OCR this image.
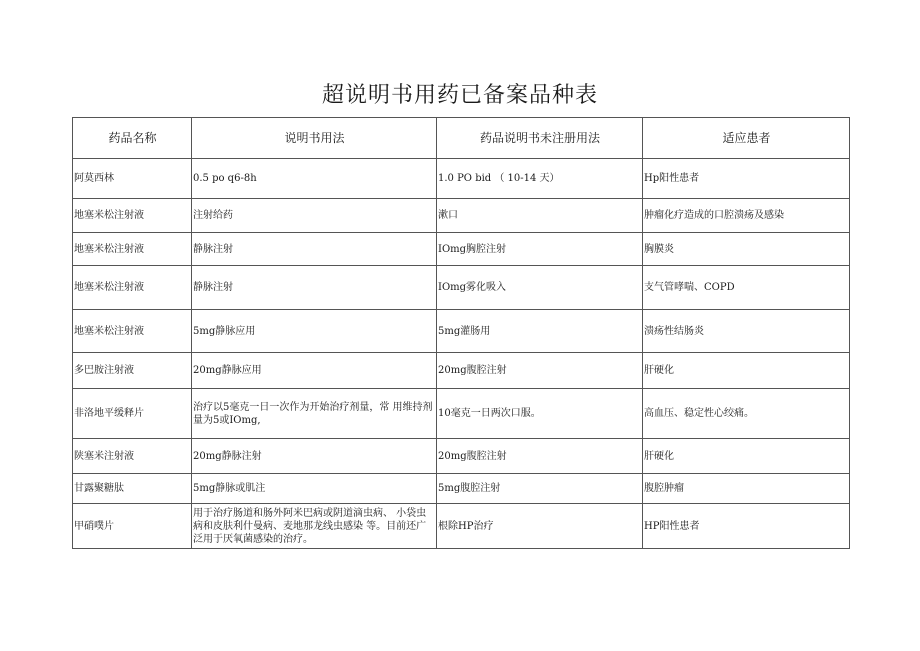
超说明书用药已备案品种表
药品名称	说明书用法	药品说明书未注册用法	适应患者
阿莫西林	0.5 po q6-8h	1.0 PO bid （ 10-14 天）	Hp阳性患者
地塞米松注射液	注射给药	漱口	肿瘤化疗造成的口腔溃疡及感染
地塞米松注射液	静脉注射	IOmg胸腔注射	胸膜炎
地塞米松注射液	静脉注射	IOmg雾化吸入	支气管哮喘、COPD
地塞米松注射液	5mg静脉应用	5mg灌肠用	溃疡性结肠炎
多巴胺注射液	20mg静脉应用	20mg腹腔注射	肝硬化
非洛地平缓释片	治疗以5毫克一日一次作为开始治疗剂量，常 用维持剂量为5或IOmg,	10毫克一日两次口服。	高血压、稳定性心绞痛。
陕塞米注射液	20mg静脉注射	20mg腹腔注射	肝硬化
甘露聚糖肽	5mg静脉或肌注	5mg腹腔注射	腹腔肿瘤
甲硝噗片	用于治疗肠道和肠外阿米巴病或阴道滴虫病、 小袋虫病和皮肤利什曼病、麦地那龙线虫感染 等。目前还广泛用于厌氧菌感染的治疗。	根除HP治疗	HP阳性患者
